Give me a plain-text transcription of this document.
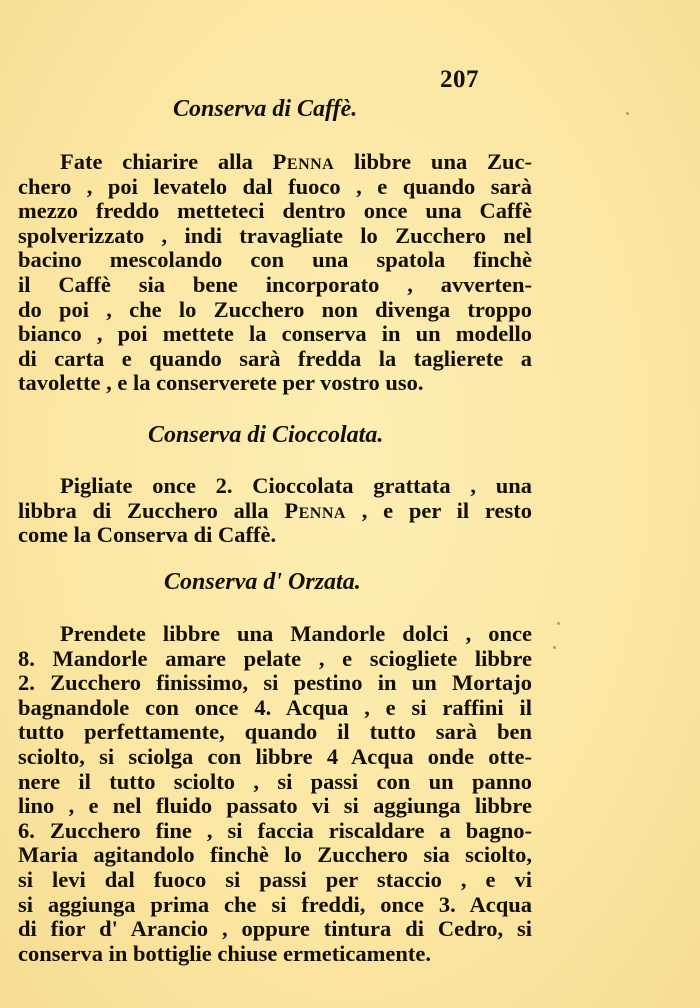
207
Conserva di Caffè.
Fate chiarire alla Penna libbre una Zuc-
chero , poi levatelo dal fuoco , e quando sarà
mezzo freddo metteteci dentro once una Caffè
spolverizzato , indi travagliate lo Zucchero nel
bacino mescolando con una spatola finchè
il Caffè sia bene incorporato , avverten-
do poi , che lo Zucchero non divenga troppo
bianco , poi mettete la conserva in un modello
di carta e quando sarà fredda la taglierete a
tavolette , e la conserverete per vostro uso.
Conserva di Cioccolata.
Pigliate once 2. Cioccolata grattata , una
libbra di Zucchero alla Penna , e per il resto
come la Conserva di Caffè.
Conserva d' Orzata.
Prendete libbre una Mandorle dolci , once
8. Mandorle amare pelate , e sciogliete libbre
2. Zucchero finissimo, si pestino in un Mortajo
bagnandole con once 4. Acqua , e si raffini il
tutto perfettamente, quando il tutto sarà ben
sciolto, si sciolga con libbre 4 Acqua onde otte-
nere il tutto sciolto , si passi con un panno
lino , e nel fluido passato vi si aggiunga libbre
6. Zucchero fine , si faccia riscaldare a bagno-
Maria agitandolo finchè lo Zucchero sia sciolto,
si levi dal fuoco si passi per staccio , e vi
si aggiunga prima che si freddi, once 3. Acqua
di fior d' Arancio , oppure tintura di Cedro, si
conserva in bottiglie chiuse ermeticamente.
